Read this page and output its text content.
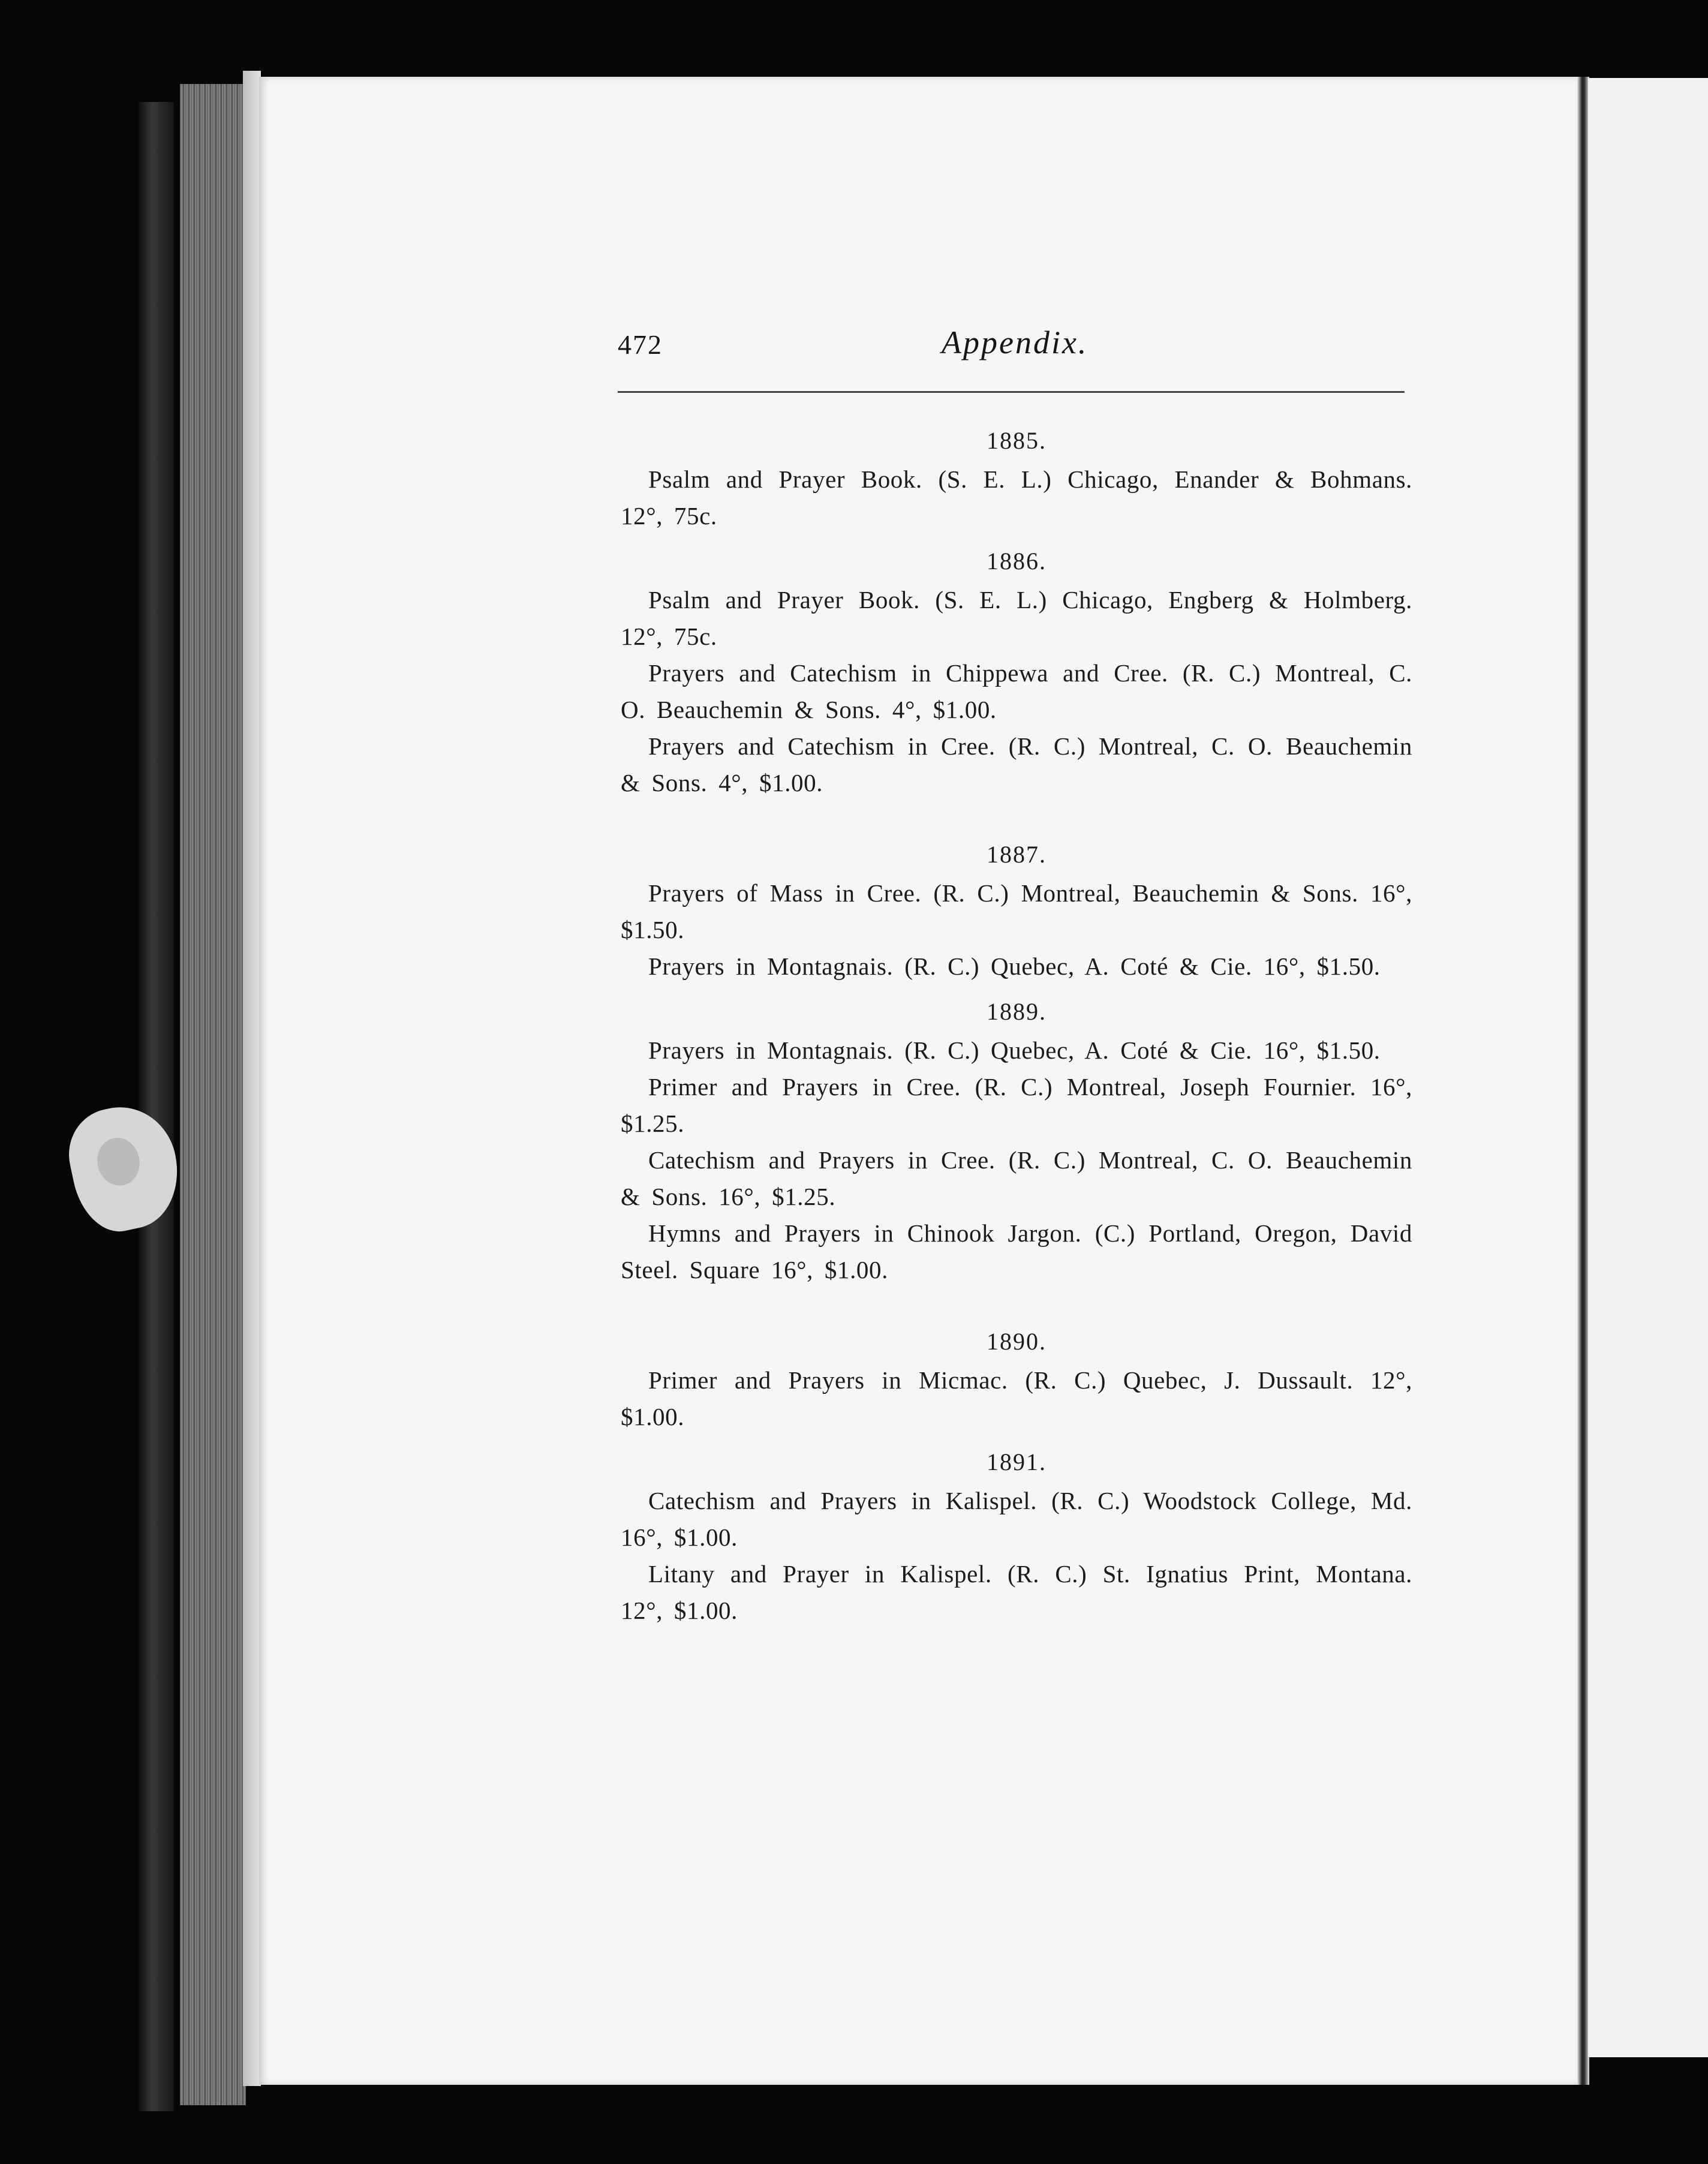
472	Appendix.
1885.

Psalm and Prayer Book. (S. E. L.) Chicago, Enander & Bohmans. 12°, 75c.

1886.

Psalm and Prayer Book. (S. E. L.) Chicago, Engberg & Holmberg. 12°, 75c.

Prayers and Catechism in Chippewa and Cree. (R. C.) Montreal, C. O. Beauchemin & Sons. 4°, $1.00.

Prayers and Catechism in Cree. (R. C.) Montreal, C. O. Beauchemin & Sons. 4°, $1.00.

1887.

Prayers of Mass in Cree. (R. C.) Montreal, Beauchemin & Sons. 16°, $1.50.

Prayers in Montagnais. (R. C.) Quebec, A. Coté & Cie. 16°, $1.50.

1889.

Prayers in Montagnais. (R. C.) Quebec, A. Coté & Cie. 16°, $1.50.

Primer and Prayers in Cree. (R. C.) Montreal, Joseph Fournier. 16°, $1.25.

Catechism and Prayers in Cree. (R. C.) Montreal, C. O. Beauchemin & Sons. 16°, $1.25.

Hymns and Prayers in Chinook Jargon. (C.) Portland, Oregon, David Steel. Square 16°, $1.00.

1890.

Primer and Prayers in Micmac. (R. C.) Quebec, J. Dussault. 12°, $1.00.

1891.

Catechism and Prayers in Kalispel. (R. C.) Woodstock College, Md. 16°, $1.00.

Litany and Prayer in Kalispel. (R. C.) St. Ignatius Print, Montana. 12°, $1.00.
